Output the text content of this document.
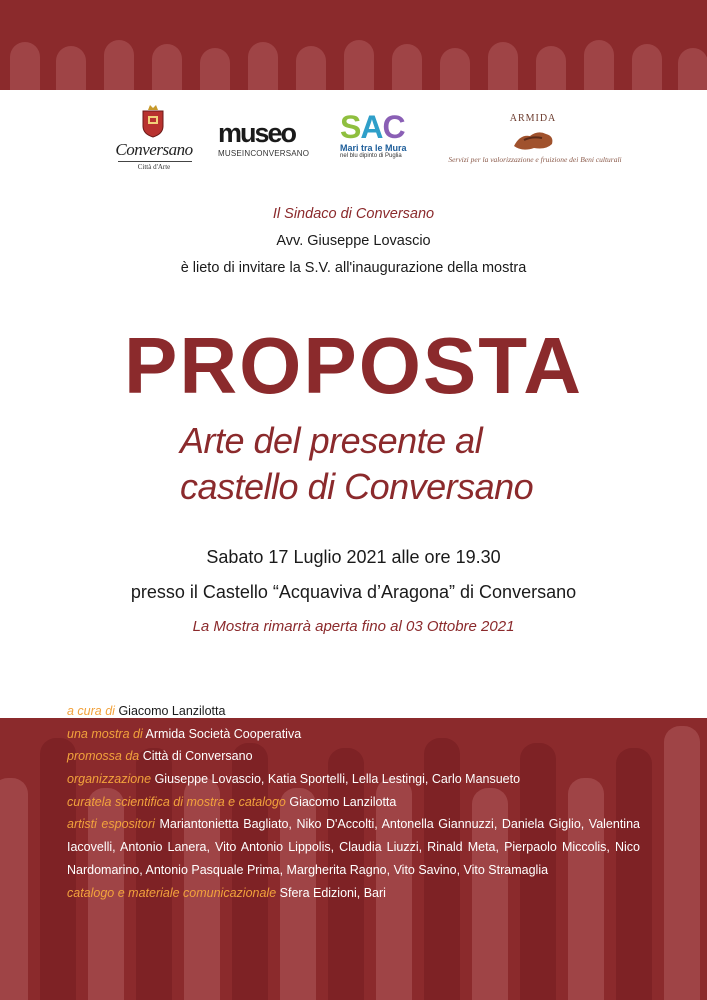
Conversano
Città d'Arte
museo
MUSEINCONVERSANO
SAC
Mari tra le Mura
nel blu dipinto di Puglia
ARMIDA
Servizi per la valorizzazione e fruizione dei Beni culturali
Il Sindaco di Conversano
Avv. Giuseppe Lovascio
è lieto di invitare la S.V. all'inaugurazione della mostra
PROPOSTA
Arte del presente al
castello di Conversano
Sabato 17 Luglio 2021 alle ore 19.30
presso il Castello “Acquaviva d’Aragona” di Conversano
La Mostra rimarrà aperta fino al 03 Ottobre 2021
a cura di Giacomo Lanzilotta
una mostra di Armida Società Cooperativa
promossa da Città di Conversano
organizzazione Giuseppe Lovascio, Katia Sportelli, Lella Lestingi, Carlo Mansueto
curatela scientifica di mostra e catalogo Giacomo Lanzilotta
artisti espositori Mariantonietta Bagliato, Niko D'Accolti, Antonella Giannuzzi, Daniela Giglio, Valentina Iacovelli, Antonio Lanera, Vito Antonio Lippolis, Claudia Liuzzi, Rinald Meta, Pierpaolo Miccolis, Nico Nardomarino, Antonio Pasquale Prima, Margherita Ragno, Vito Savino, Vito Stramaglia
catalogo e materiale comunicazionale Sfera Edizioni, Bari
